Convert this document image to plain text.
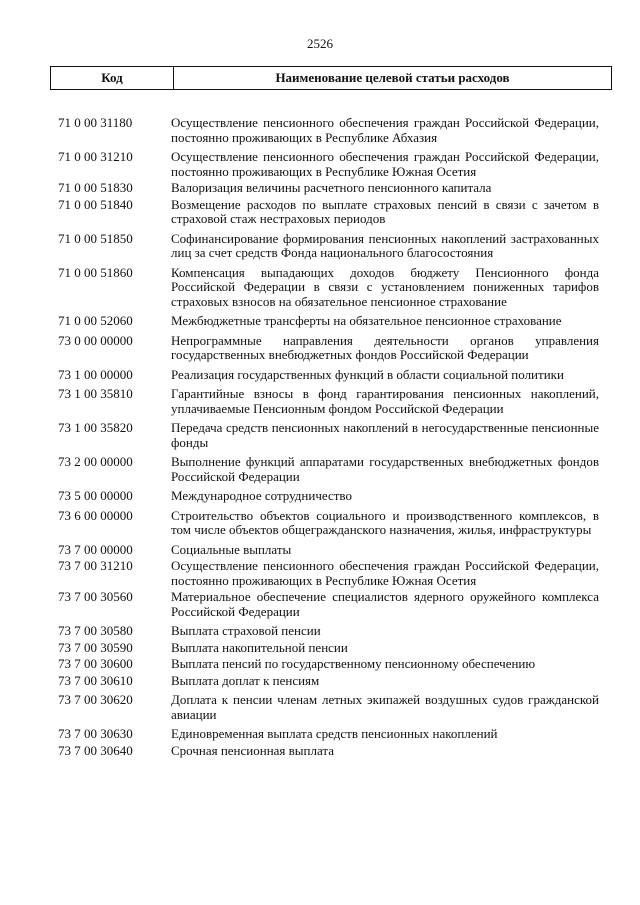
2526
Код	Наименование целевой статьи расходов
71 0 00 31180	Осуществление пенсионного обеспечения граждан Российской Федерации, постоянно проживающих в Республике Абхазия
71 0 00 31210	Осуществление пенсионного обеспечения граждан Российской Федерации, постоянно проживающих в Республике Южная Осетия
71 0 00 51830	Валоризация величины расчетного пенсионного капитала
71 0 00 51840	Возмещение расходов по выплате страховых пенсий в связи с зачетом в страховой стаж нестраховых периодов
71 0 00 51850	Софинансирование формирования пенсионных накоплений застрахованных лиц за счет средств Фонда национального благосостояния
71 0 00 51860	Компенсация выпадающих доходов бюджету Пенсионного фонда Российской Федерации в связи с установлением пониженных тарифов страховых взносов на обязательное пенсионное страхование
71 0 00 52060	Межбюджетные трансферты на обязательное пенсионное страхование
73 0 00 00000	Непрограммные направления деятельности органов управления государственных внебюджетных фондов Российской Федерации
73 1 00 00000	Реализация государственных функций в области социальной политики
73 1 00 35810	Гарантийные взносы в фонд гарантирования пенсионных накоплений, уплачиваемые Пенсионным фондом Российской Федерации
73 1 00 35820	Передача средств пенсионных накоплений в негосударственные пенсионные фонды
73 2 00 00000	Выполнение функций аппаратами государственных внебюджетных фондов Российской Федерации
73 5 00 00000	Международное сотрудничество
73 6 00 00000	Строительство объектов социального и производственного комплексов, в том числе объектов общегражданского назначения, жилья, инфраструктуры
73 7 00 00000	Социальные выплаты
73 7 00 31210	Осуществление пенсионного обеспечения граждан Российской Федерации, постоянно проживающих в Республике Южная Осетия
73 7 00 30560	Материальное обеспечение специалистов ядерного оружейного комплекса Российской Федерации
73 7 00 30580	Выплата страховой пенсии
73 7 00 30590	Выплата накопительной пенсии
73 7 00 30600	Выплата пенсий по государственному пенсионному обеспечению
73 7 00 30610	Выплата доплат к пенсиям
73 7 00 30620	Доплата к пенсии членам летных экипажей воздушных судов гражданской авиации
73 7 00 30630	Единовременная выплата средств пенсионных накоплений
73 7 00 30640	Срочная пенсионная выплата
